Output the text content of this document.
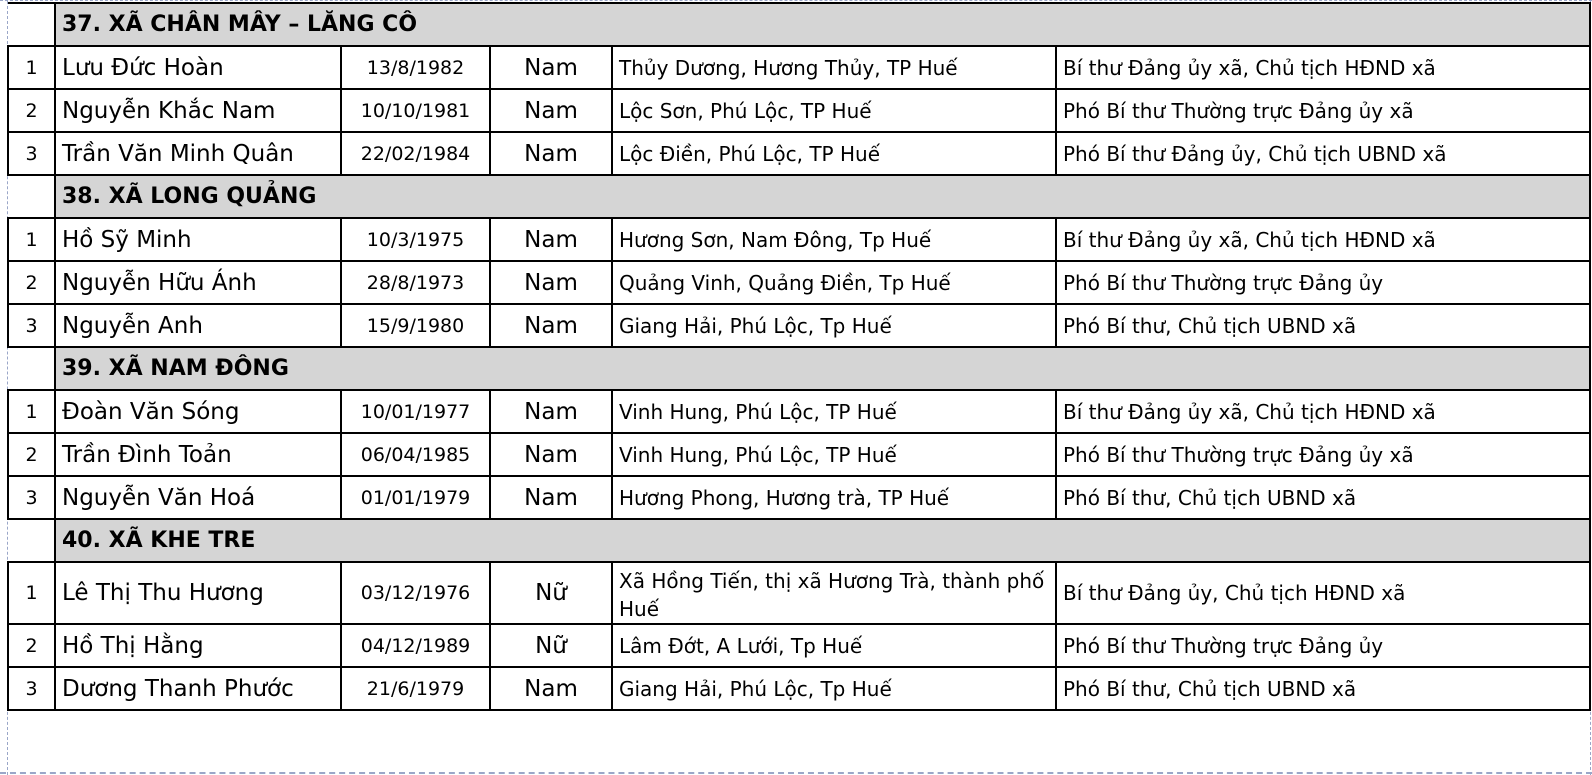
	37. XÃ CHÂN MÂY – LĂNG CÔ				
1	Lưu Đức Hoàn	13/8/1982	Nam	Thủy Dương, Hương Thủy, TP Huế	Bí thư Đảng ủy xã, Chủ tịch HĐND xã
2	Nguyễn Khắc Nam	10/10/1981	Nam	Lộc Sơn, Phú Lộc, TP Huế	Phó Bí thư Thường trực Đảng ủy xã
3	Trần Văn Minh Quân	22/02/1984	Nam	Lộc Điền, Phú Lộc, TP Huế	Phó Bí thư Đảng ủy, Chủ tịch UBND xã
	38. XÃ LONG QUẢNG				
1	Hồ Sỹ Minh	10/3/1975	Nam	Hương Sơn, Nam Đông, Tp Huế	Bí thư Đảng ủy xã, Chủ tịch HĐND xã
2	Nguyễn Hữu Ánh	28/8/1973	Nam	Quảng Vinh, Quảng Điền, Tp Huế	Phó Bí thư Thường trực Đảng ủy
3	Nguyễn Anh	15/9/1980	Nam	Giang Hải, Phú Lộc, Tp Huế	Phó Bí thư, Chủ tịch UBND xã
	39. XÃ NAM ĐÔNG				
1	Đoàn Văn Sóng	10/01/1977	Nam	Vinh Hung, Phú Lộc, TP Huế	Bí thư Đảng ủy xã, Chủ tịch HĐND xã
2	Trần Đình Toản	06/04/1985	Nam	Vinh Hung, Phú Lộc, TP Huế	Phó Bí thư Thường trực Đảng ủy xã
3	Nguyễn Văn Hoá	01/01/1979	Nam	Hương Phong, Hương trà, TP Huế	Phó Bí thư, Chủ tịch UBND xã
	40. XÃ KHE TRE				
1	Lê Thị Thu Hương	03/12/1976	Nữ	Xã Hồng Tiến, thị xã Hương Trà, thành phố Huế	Bí thư Đảng ủy, Chủ tịch HĐND xã
2	Hồ Thị Hằng	04/12/1989	Nữ	Lâm Đớt, A Lưới, Tp Huế	Phó Bí thư Thường trực Đảng ủy
3	Dương Thanh Phước	21/6/1979	Nam	Giang Hải, Phú Lộc, Tp Huế	Phó Bí thư, Chủ tịch UBND xã
